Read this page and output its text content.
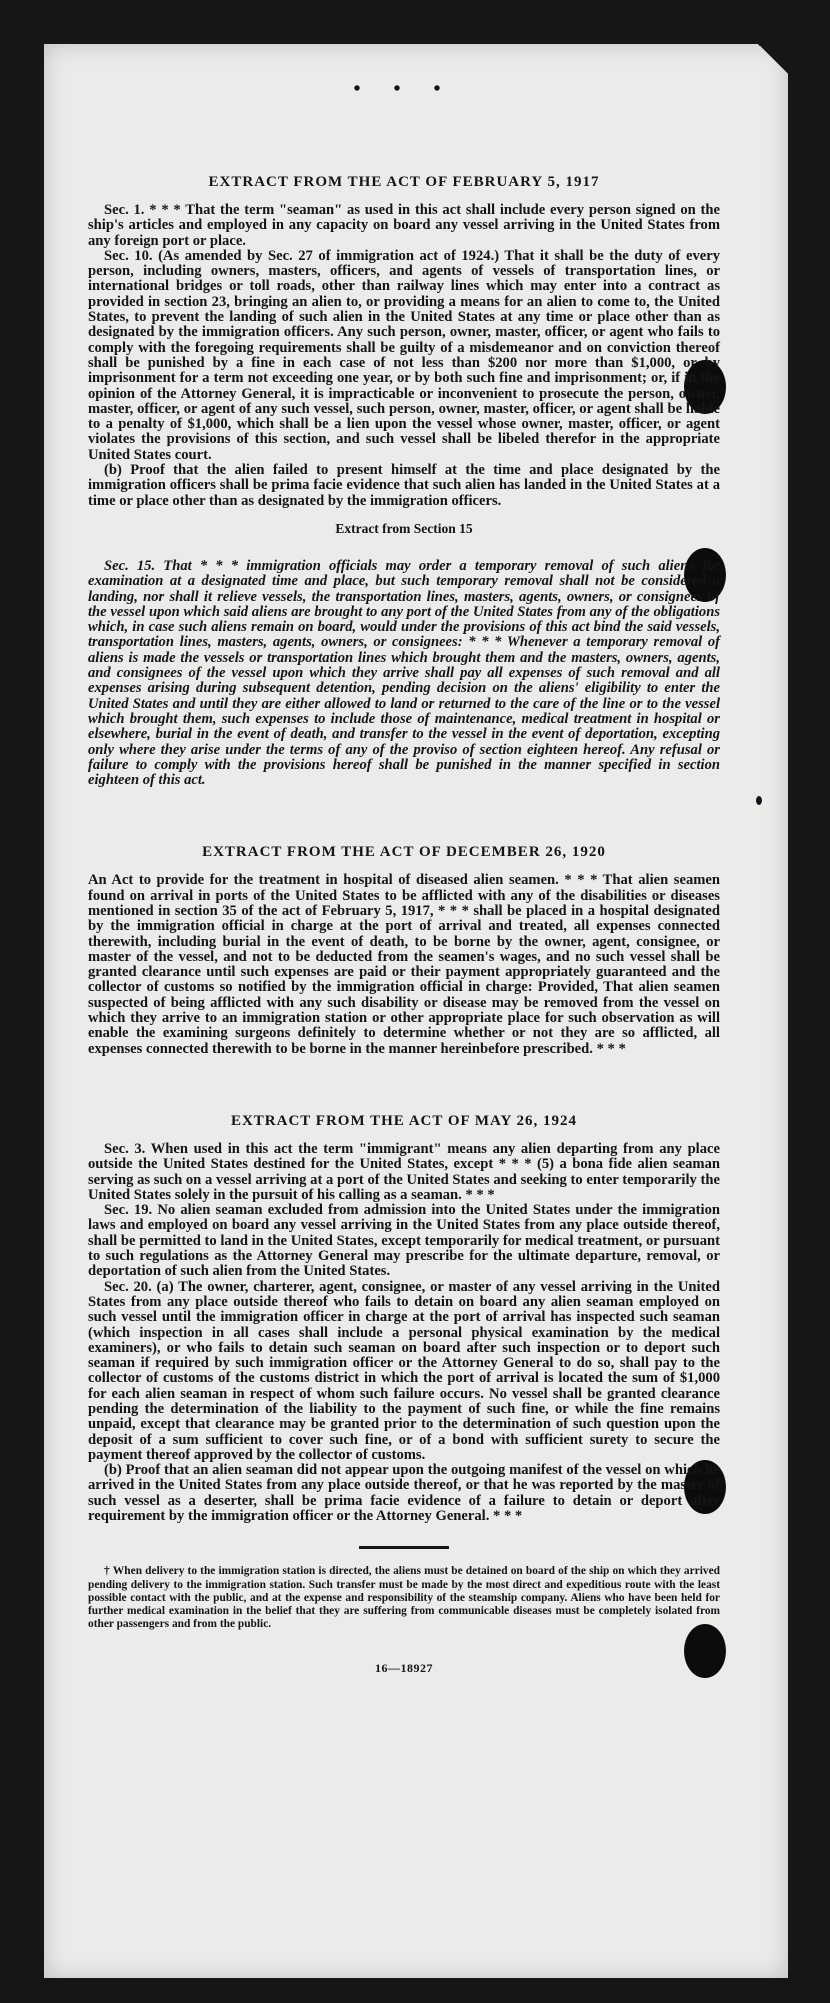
• • •
EXTRACT FROM THE ACT OF FEBRUARY 5, 1917

Sec. 1. * * * That the term "seaman" as used in this act shall include every person signed on the ship's articles and employed in any capacity on board any vessel arriving in the United States from any foreign port or place.

Sec. 10. (As amended by Sec. 27 of immigration act of 1924.) That it shall be the duty of every person, including owners, masters, officers, and agents of vessels of transportation lines, or international bridges or toll roads, other than railway lines which may enter into a contract as provided in section 23, bringing an alien to, or providing a means for an alien to come to, the United States, to prevent the landing of such alien in the United States at any time or place other than as designated by the immigration officers. Any such person, owner, master, officer, or agent who fails to comply with the foregoing requirements shall be guilty of a misdemeanor and on conviction thereof shall be punished by a fine in each case of not less than $200 nor more than $1,000, or by imprisonment for a term not exceeding one year, or by both such fine and imprisonment; or, if in the opinion of the Attorney General, it is impracticable or inconvenient to prosecute the person, owner, master, officer, or agent of any such vessel, such person, owner, master, officer, or agent shall be liable to a penalty of $1,000, which shall be a lien upon the vessel whose owner, master, officer, or agent violates the provisions of this section, and such vessel shall be libeled therefor in the appropriate United States court.

(b) Proof that the alien failed to present himself at the time and place designated by the immigration officers shall be prima facie evidence that such alien has landed in the United States at a time or place other than as designated by the immigration officers.

Extract from Section 15

Sec. 15. That * * * immigration officials may order a temporary removal of such aliens for examination at a designated time and place, but such temporary removal shall not be considered a landing, nor shall it relieve vessels, the transportation lines, masters, agents, owners, or consignees of the vessel upon which said aliens are brought to any port of the United States from any of the obligations which, in case such aliens remain on board, would under the provisions of this act bind the said vessels, transportation lines, masters, agents, owners, or consignees: * * * Whenever a temporary removal of aliens is made the vessels or transportation lines which brought them and the masters, owners, agents, and consignees of the vessel upon which they arrive shall pay all expenses of such removal and all expenses arising during subsequent detention, pending decision on the aliens' eligibility to enter the United States and until they are either allowed to land or returned to the care of the line or to the vessel which brought them, such expenses to include those of maintenance, medical treatment in hospital or elsewhere, burial in the event of death, and transfer to the vessel in the event of deportation, excepting only where they arise under the terms of any of the proviso of section eighteen hereof. Any refusal or failure to comply with the provisions hereof shall be punished in the manner specified in section eighteen of this act.

EXTRACT FROM THE ACT OF DECEMBER 26, 1920

An Act to provide for the treatment in hospital of diseased alien seamen. * * * That alien seamen found on arrival in ports of the United States to be afflicted with any of the disabilities or diseases mentioned in section 35 of the act of February 5, 1917, * * * shall be placed in a hospital designated by the immigration official in charge at the port of arrival and treated, all expenses connected therewith, including burial in the event of death, to be borne by the owner, agent, consignee, or master of the vessel, and not to be deducted from the seamen's wages, and no such vessel shall be granted clearance until such expenses are paid or their payment appropriately guaranteed and the collector of customs so notified by the immigration official in charge: Provided, That alien seamen suspected of being afflicted with any such disability or disease may be removed from the vessel on which they arrive to an immigration station or other appropriate place for such observation as will enable the examining surgeons definitely to determine whether or not they are so afflicted, all expenses connected therewith to be borne in the manner hereinbefore prescribed. * * *

EXTRACT FROM THE ACT OF MAY 26, 1924

Sec. 3. When used in this act the term "immigrant" means any alien departing from any place outside the United States destined for the United States, except * * * (5) a bona fide alien seaman serving as such on a vessel arriving at a port of the United States and seeking to enter temporarily the United States solely in the pursuit of his calling as a seaman. * * *

Sec. 19. No alien seaman excluded from admission into the United States under the immigration laws and employed on board any vessel arriving in the United States from any place outside thereof, shall be permitted to land in the United States, except temporarily for medical treatment, or pursuant to such regulations as the Attorney General may prescribe for the ultimate departure, removal, or deportation of such alien from the United States.

Sec. 20. (a) The owner, charterer, agent, consignee, or master of any vessel arriving in the United States from any place outside thereof who fails to detain on board any alien seaman employed on such vessel until the immigration officer in charge at the port of arrival has inspected such seaman (which inspection in all cases shall include a personal physical examination by the medical examiners), or who fails to detain such seaman on board after such inspection or to deport such seaman if required by such immigration officer or the Attorney General to do so, shall pay to the collector of customs of the customs district in which the port of arrival is located the sum of $1,000 for each alien seaman in respect of whom such failure occurs. No vessel shall be granted clearance pending the determination of the liability to the payment of such fine, or while the fine remains unpaid, except that clearance may be granted prior to the determination of such question upon the deposit of a sum sufficient to cover such fine, or of a bond with sufficient surety to secure the payment thereof approved by the collector of customs.

(b) Proof that an alien seaman did not appear upon the outgoing manifest of the vessel on which he arrived in the United States from any place outside thereof, or that he was reported by the master of such vessel as a deserter, shall be prima facie evidence of a failure to detain or deport after requirement by the immigration officer or the Attorney General. * * *

† When delivery to the immigration station is directed, the aliens must be detained on board of the ship on which they arrived pending delivery to the immigration station. Such transfer must be made by the most direct and expeditious route with the least possible contact with the public, and at the expense and responsibility of the steamship company. Aliens who have been held for further medical examination in the belief that they are suffering from communicable diseases must be completely isolated from other passengers and from the public.

16—18927
